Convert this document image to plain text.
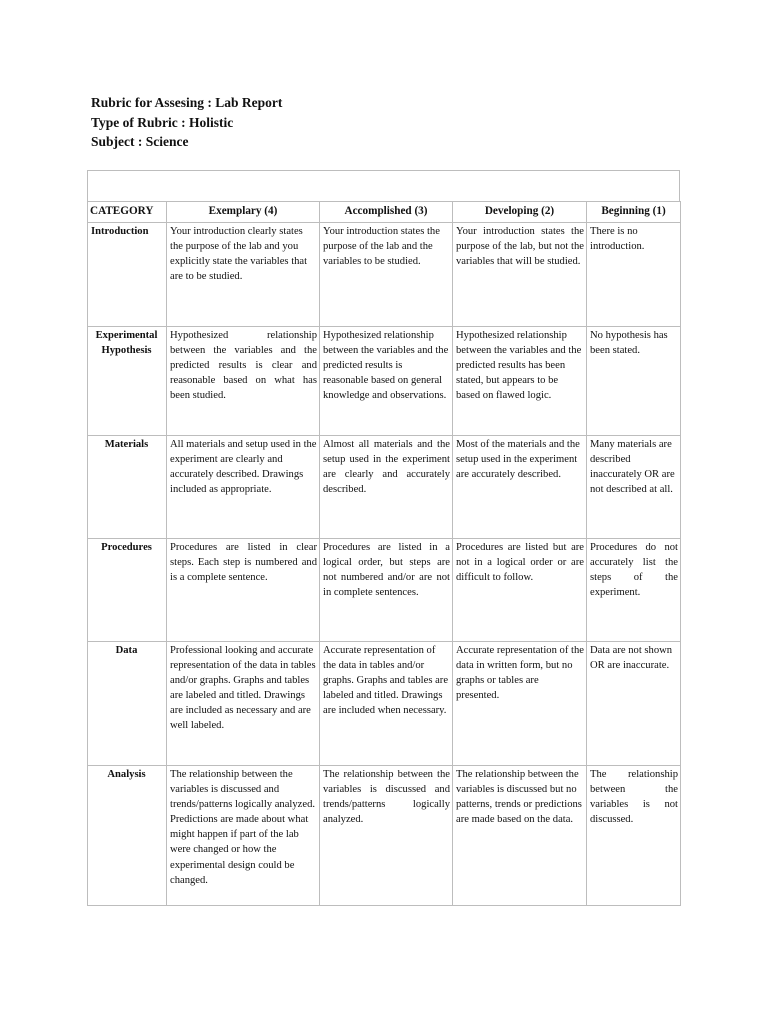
Rubric for Assesing : Lab Report
Type of Rubric : Holistic
Subject : Science
CATEGORY	Exemplary (4)	Accomplished (3)	Developing (2)	Beginning (1)
Introduction	Your introduction clearly states the purpose of the lab and you explicitly state the variables that are to be studied.	Your introduction states the purpose of the lab and the variables to be studied.	Your introduction states the purpose of the lab, but not the variables that will be studied.	There is no introduction.
Experimental Hypothesis	Hypothesized relationship between the variables and the predicted results is clear and reasonable based on what has been studied.	Hypothesized relationship between the variables and the predicted results is reasonable based on general knowledge and observations.	Hypothesized relationship between the variables and the predicted results has been stated, but appears to be based on flawed logic.	No hypothesis has been stated.
Materials	All materials and setup used in the experiment are clearly and accurately described. Drawings included as appropriate.	Almost all materials and the setup used in the experiment are clearly and accurately described.	Most of the materials and the setup used in the experiment are accurately described.	Many materials are described inaccurately OR are not described at all.
Procedures	Procedures are listed in clear steps. Each step is numbered and is a complete sentence.	Procedures are listed in a logical order, but steps are not numbered and/or are not in complete sentences.	Procedures are listed but are not in a logical order or are difficult to follow.	Procedures do not accurately list the steps of the experiment.
Data	Professional looking and accurate representation of the data in tables and/or graphs. Graphs and tables are labeled and titled. Drawings are included as necessary and are well labeled.	Accurate representation of the data in tables and/or graphs. Graphs and tables are labeled and titled. Drawings are included when necessary.	Accurate representation of the data in written form, but no graphs or tables are presented.	Data are not shown OR are inaccurate.
Analysis	The relationship between the variables is discussed and trends/patterns logically analyzed. Predictions are made about what might happen if part of the lab were changed or how the experimental design could be changed.	The relationship between the variables is discussed and trends/patterns logically analyzed.	The relationship between the variables is discussed but no patterns, trends or predictions are made based on the data.	The relationship between the variables is not discussed.
